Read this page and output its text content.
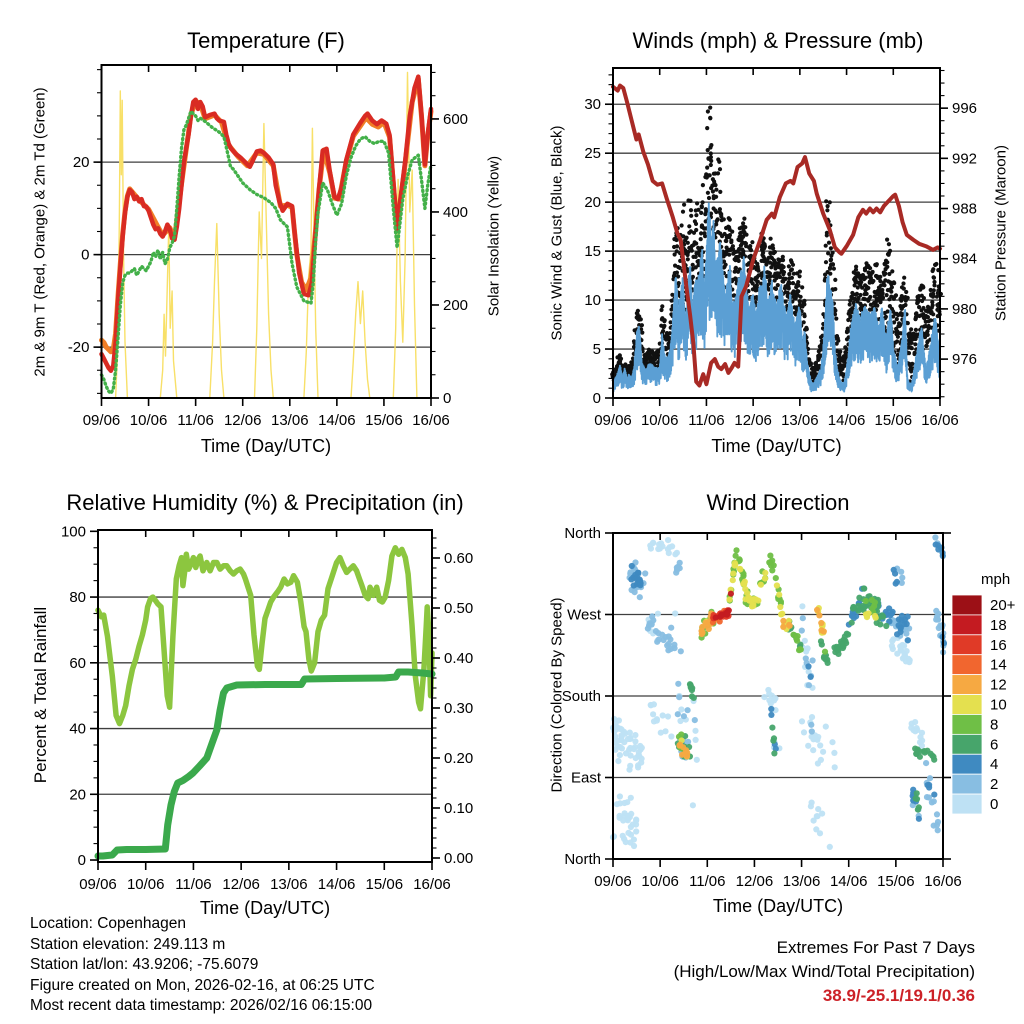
-20
0
20
0
200
400
600
09/06 10/06 11/06 12/06 13/06 14/06 15/06 16/06
0
5
10
15
20
25
30
976
980
984
988
992
996
09/06 10/06 11/06 12/06 13/06 14/06 15/06 16/06
0
20
40
60
80
100
0.00
0.10
0.20
0.30
0.40
0.50
0.60
09/06 10/06 11/06 12/06 13/06 14/06 15/06 16/06
North
West
South
East
North
09/06 10/06 11/06 12/06 13/06 14/06 15/06 16/06
20+
18
16
14
12
10
8
6
4
2
0
Temperature (F)	Winds (mph) & Pressure (mb)
Relative Humidity (%) & Precipitation (in)	Wind Direction
Time (Day/UTC)	Time (Day/UTC)
Time (Day/UTC)	Time (Day/UTC)
2m & 9m T (Red, Orange) & 2m Td (Green)	Solar Insolation (Yellow)	Sonic Wind & Gust (Blue, Black)	Station Pressure (Maroon)
Percent & Total Rainfall	Direction (Colored By Speed)
mph
Location: Copenhagen
Station elevation: 249.113 m
Station lat/lon: 43.9206; -75.6079
Figure created on Mon, 2026-02-16, at 06:25 UTC
Most recent data timestamp: 2026/02/16 06:15:00
Extremes For Past 7 Days
(High/Low/Max Wind/Total Precipitation)
38.9/-25.1/19.1/0.36
